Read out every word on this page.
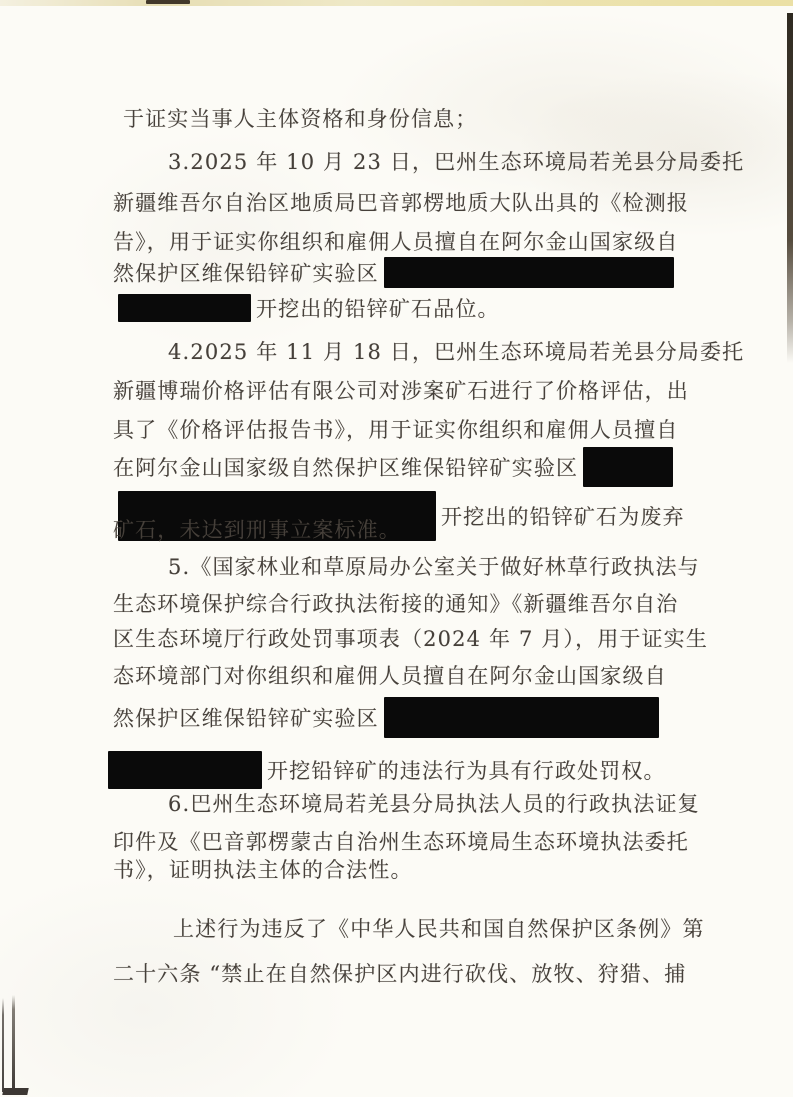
于证实当事人主体资格和身份信息；
3.2025 年 10 月 23 日，巴州生态环境局若羌县分局委托
新疆维吾尔自治区地质局巴音郭楞地质大队出具的《检测报
告》，用于证实你组织和雇佣人员擅自在阿尔金山国家级自
然保护区维保铅锌矿实验区
开挖出的铅锌矿石品位。
4.2025 年 11 月 18 日，巴州生态环境局若羌县分局委托
新疆博瑞价格评估有限公司对涉案矿石进行了价格评估，出
具了《价格评估报告书》，用于证实你组织和雇佣人员擅自
在阿尔金山国家级自然保护区维保铅锌矿实验区
开挖出的铅锌矿石为废弃
矿石，未达到刑事立案标准。
5.《国家林业和草原局办公室关于做好林草行政执法与
生态环境保护综合行政执法衔接的通知》《新疆维吾尔自治
区生态环境厅行政处罚事项表（2024 年 7 月），用于证实生
态环境部门对你组织和雇佣人员擅自在阿尔金山国家级自
然保护区维保铅锌矿实验区
开挖铅锌矿的违法行为具有行政处罚权。
6.巴州生态环境局若羌县分局执法人员的行政执法证复
印件及《巴音郭楞蒙古自治州生态环境局生态环境执法委托
书》，证明执法主体的合法性。
上述行为违反了《中华人民共和国自然保护区条例》第
二十六条 “禁止在自然保护区内进行砍伐、放牧、狩猎、捕
